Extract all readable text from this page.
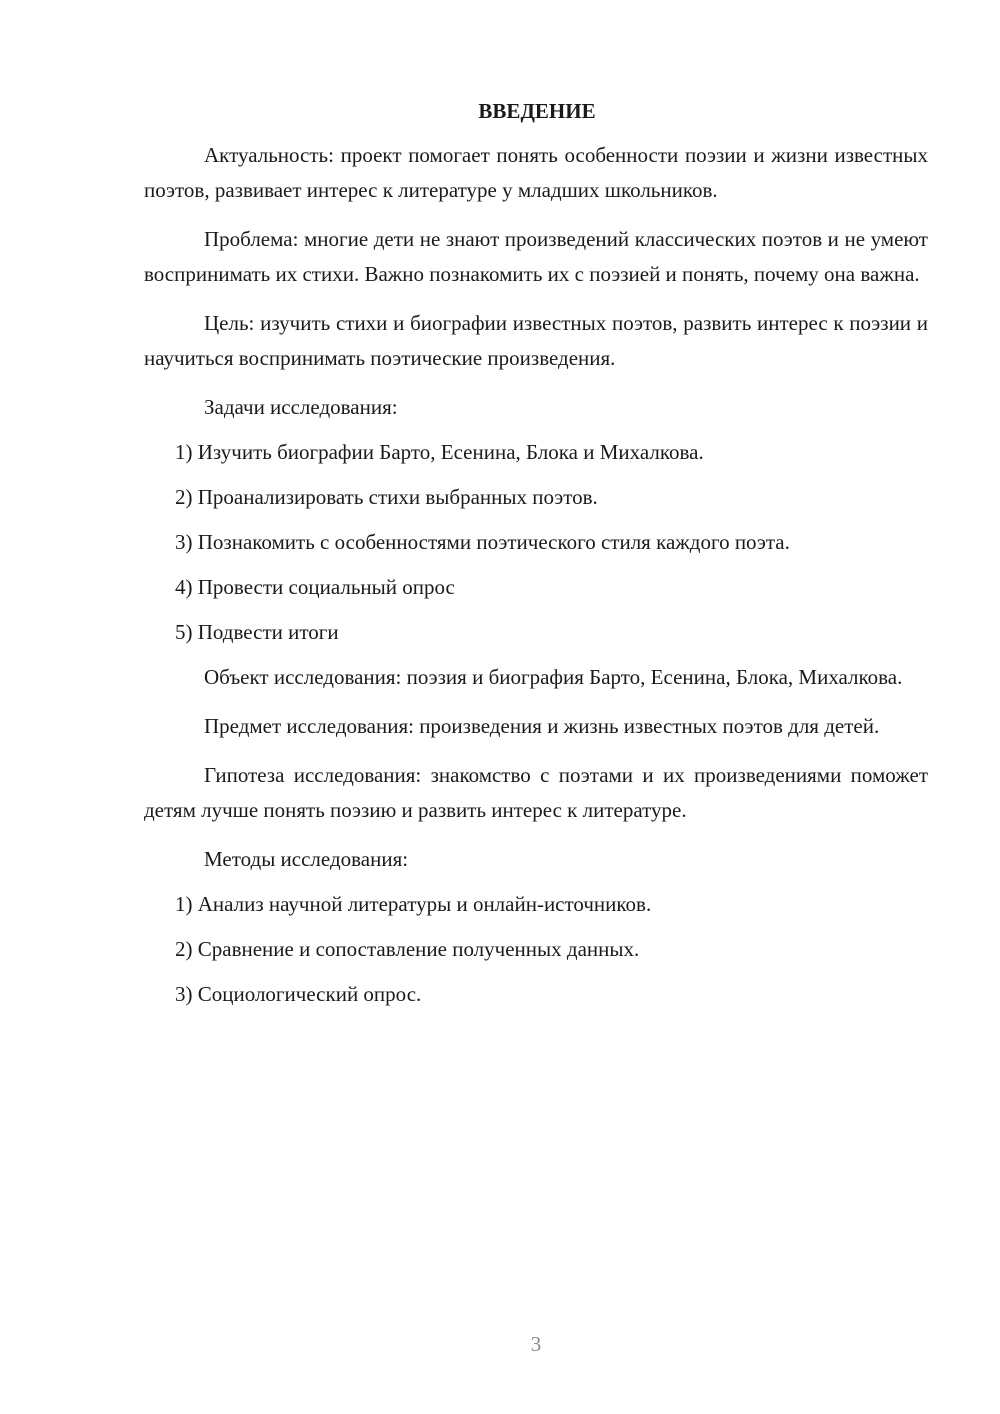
ВВЕДЕНИЕ

Актуальность: проект помогает понять особенности поэзии и жизни известных поэтов, развивает интерес к литературе у младших школьников.

Проблема: многие дети не знают произведений классических поэтов и не умеют воспринимать их стихи. Важно познакомить их с поэзией и понять, почему она важна.

Цель: изучить стихи и биографии известных поэтов, развить интерес к поэзии и научиться воспринимать поэтические произведения.

Задачи исследования:

1) Изучить биографии Барто, Есенина, Блока и Михалкова.

2) Проанализировать стихи выбранных поэтов.

3) Познакомить с особенностями поэтического стиля каждого поэта.

4) Провести социальный опрос

5) Подвести итоги

Объект исследования: поэзия и биография Барто, Есенина, Блока, Михалкова.

Предмет исследования: произведения и жизнь известных поэтов для детей.

Гипотеза исследования: знакомство с поэтами и их произведениями поможет детям лучше понять поэзию и развить интерес к литературе.

Методы исследования:

1) Анализ научной литературы и онлайн-источников.

2) Сравнение и сопоставление полученных данных.

3) Социологический опрос.

3
